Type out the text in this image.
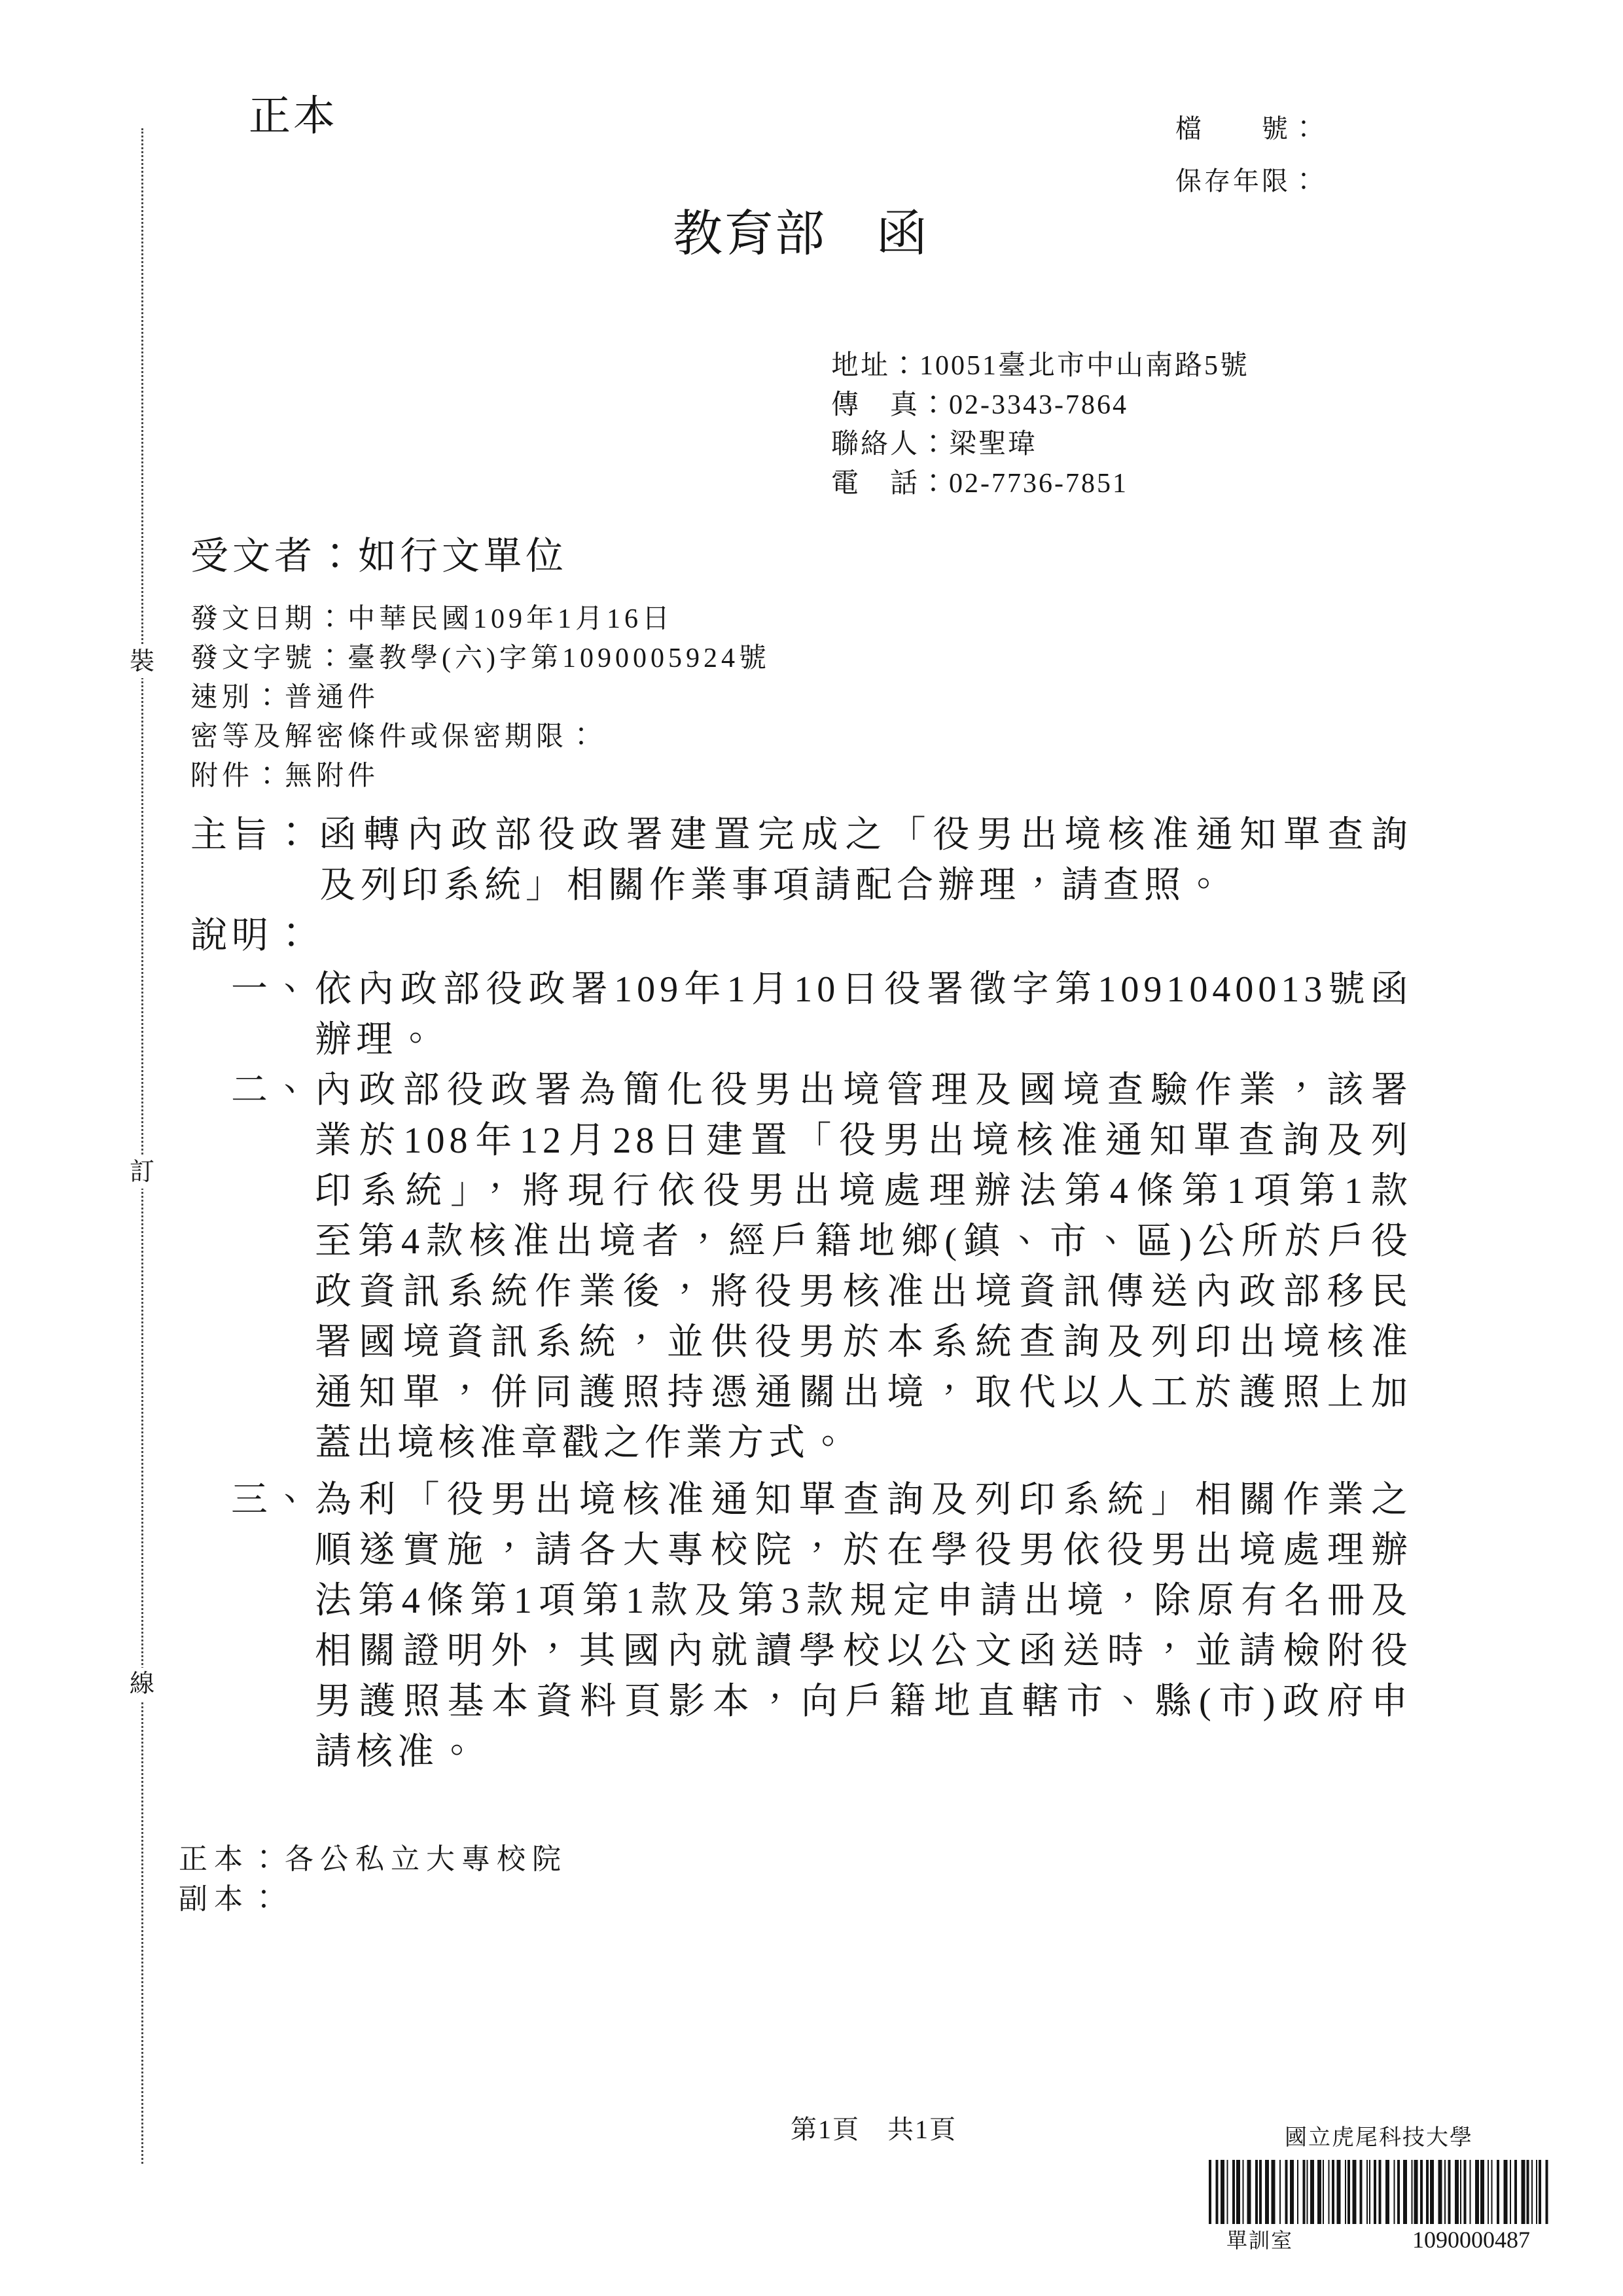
裝
訂
線
正本	檔　　號：
保存年限：
教育部 函
地址：10051臺北市中山南路5號
傳　真：02-3343-7864
聯絡人：梁聖瑋
電　話：02-7736-7851
受文者：如行文單位
發文日期：中華民國109年1月16日
發文字號：臺教學(六)字第1090005924號
速別：普通件
密等及解密條件或保密期限：
附件：無附件
主旨： 函轉內政部役政署建置完成之「役男出境核准通知單查詢
及列印系統」相關作業事項請配合辦理，請查照。
說明：
一、 依內政部役政署109年1月10日役署徵字第1091040013號函
辦理。
二、 內政部役政署為簡化役男出境管理及國境查驗作業，該署
業於108年12月28日建置「役男出境核准通知單查詢及列
印系統」，將現行依役男出境處理辦法第4條第1項第1款
至第4款核准出境者，經戶籍地鄉(鎮、市、區)公所於戶役
政資訊系統作業後，將役男核准出境資訊傳送內政部移民
署國境資訊系統，並供役男於本系統查詢及列印出境核准
通知單，併同護照持憑通關出境，取代以人工於護照上加
蓋出境核准章戳之作業方式。
三、 為利「役男出境核准通知單查詢及列印系統」相關作業之
順遂實施，請各大專校院，於在學役男依役男出境處理辦
法第4條第1項第1款及第3款規定申請出境，除原有名冊及
相關證明外，其國內就讀學校以公文函送時，並請檢附役
男護照基本資料頁影本，向戶籍地直轄市、縣(市)政府申
請核准。
正本：各公私立大專校院
副本：
第1頁　共1頁	國立虎尾科技大學
單訓室	1090000487
